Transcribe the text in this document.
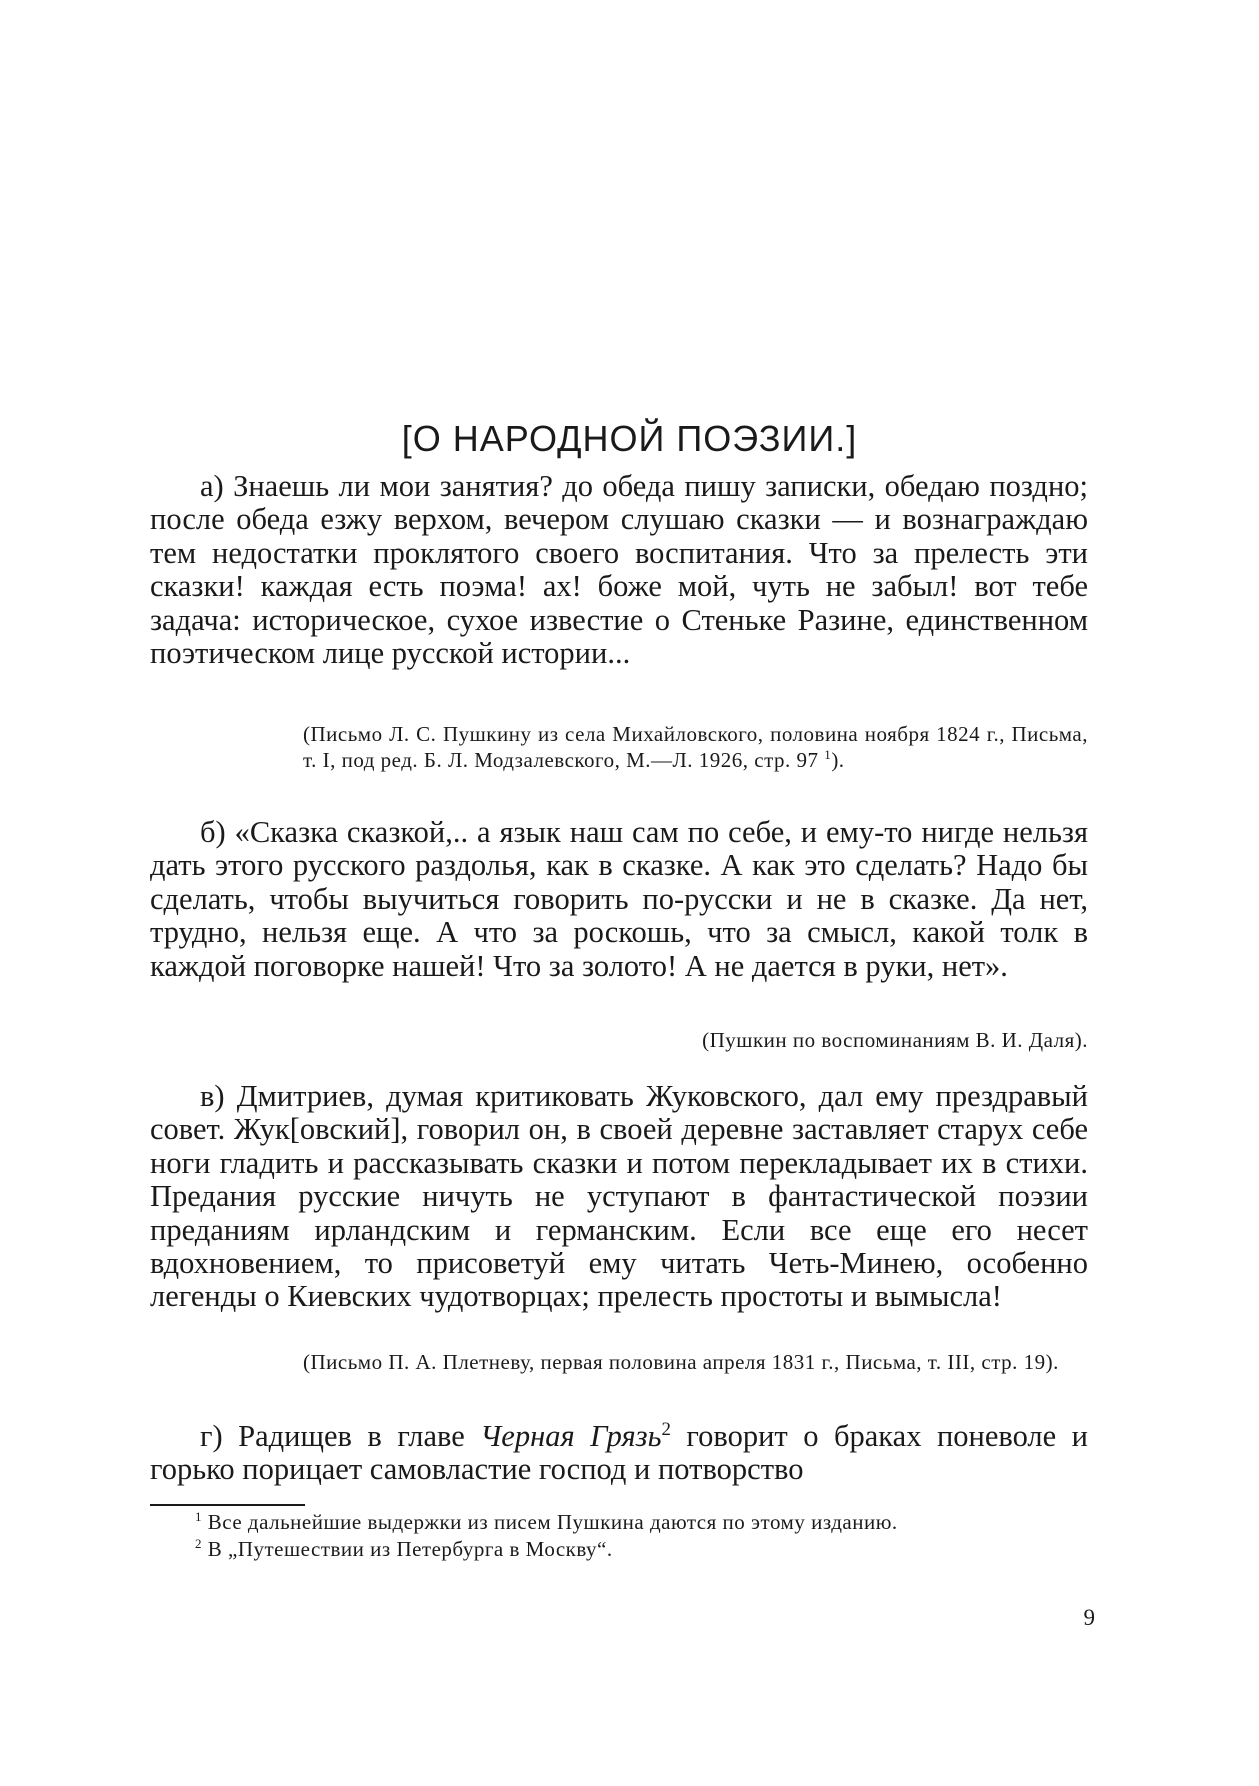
[О НАРОДНОЙ ПОЭЗИИ.]

а) Знаешь ли мои занятия? до обеда пишу записки, обедаю поздно; после обеда езжу верхом, вечером слушаю сказки — и вознаграждаю тем недостатки проклятого своего воспитания. Что за прелесть эти сказки! каждая есть поэма! ах! боже мой, чуть не забыл! вот тебе задача: историческое, сухое известие о Стеньке Разине, единственном поэтическом лице русской истории...

(Письмо Л. С. Пушкину из села Михайловского, половина ноября 1824 г., Письма, т. I, под ред. Б. Л. Модзалевского, М.—Л. 1926, стр. 97 $^1$).

б) «Сказка сказкой,.. а язык наш сам по себе, и ему-то нигде нельзя дать этого русского раздолья, как в сказке. А как это сделать? Надо бы сделать, чтобы выучиться говорить по-русски и не в сказке. Да нет, трудно, нельзя еще. А что за роскошь, что за смысл, какой толк в каждой поговорке нашей! Что за золото! А не дается в руки, нет».

(Пушкин по воспоминаниям В. И. Даля).

в) Дмитриев, думая критиковать Жуковского, дал ему прездравый совет. Жук[овский], говорил он, в своей деревне заставляет старух себе ноги гладить и рассказывать сказки и потом перекладывает их в стихи. Предания русские ничуть не уступают в фантастической поэзии преданиям ирландским и германским. Если все еще его несет вдохновением, то присоветуй ему читать Четь-Минею, особенно легенды о Киевских чудотворцах; прелесть простоты и вымысла!

(Письмо П. А. Плетневу, первая половина апреля 1831 г., Письма, т. III, стр. 19).

г) Радищев в главе Черная Грязь$^2$ говорит о браках поневоле и горько порицает самовластие господ и потворство

$^1$ Все дальнейшие выдержки из писем Пушкина даются по этому изданию.

$^2$ В „Путешествии из Петербурга в Москву“.

9
